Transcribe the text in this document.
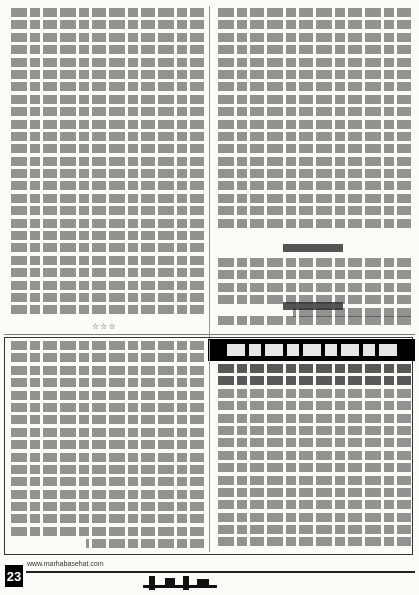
☆☆☆
www.marhabasehat.com
23
